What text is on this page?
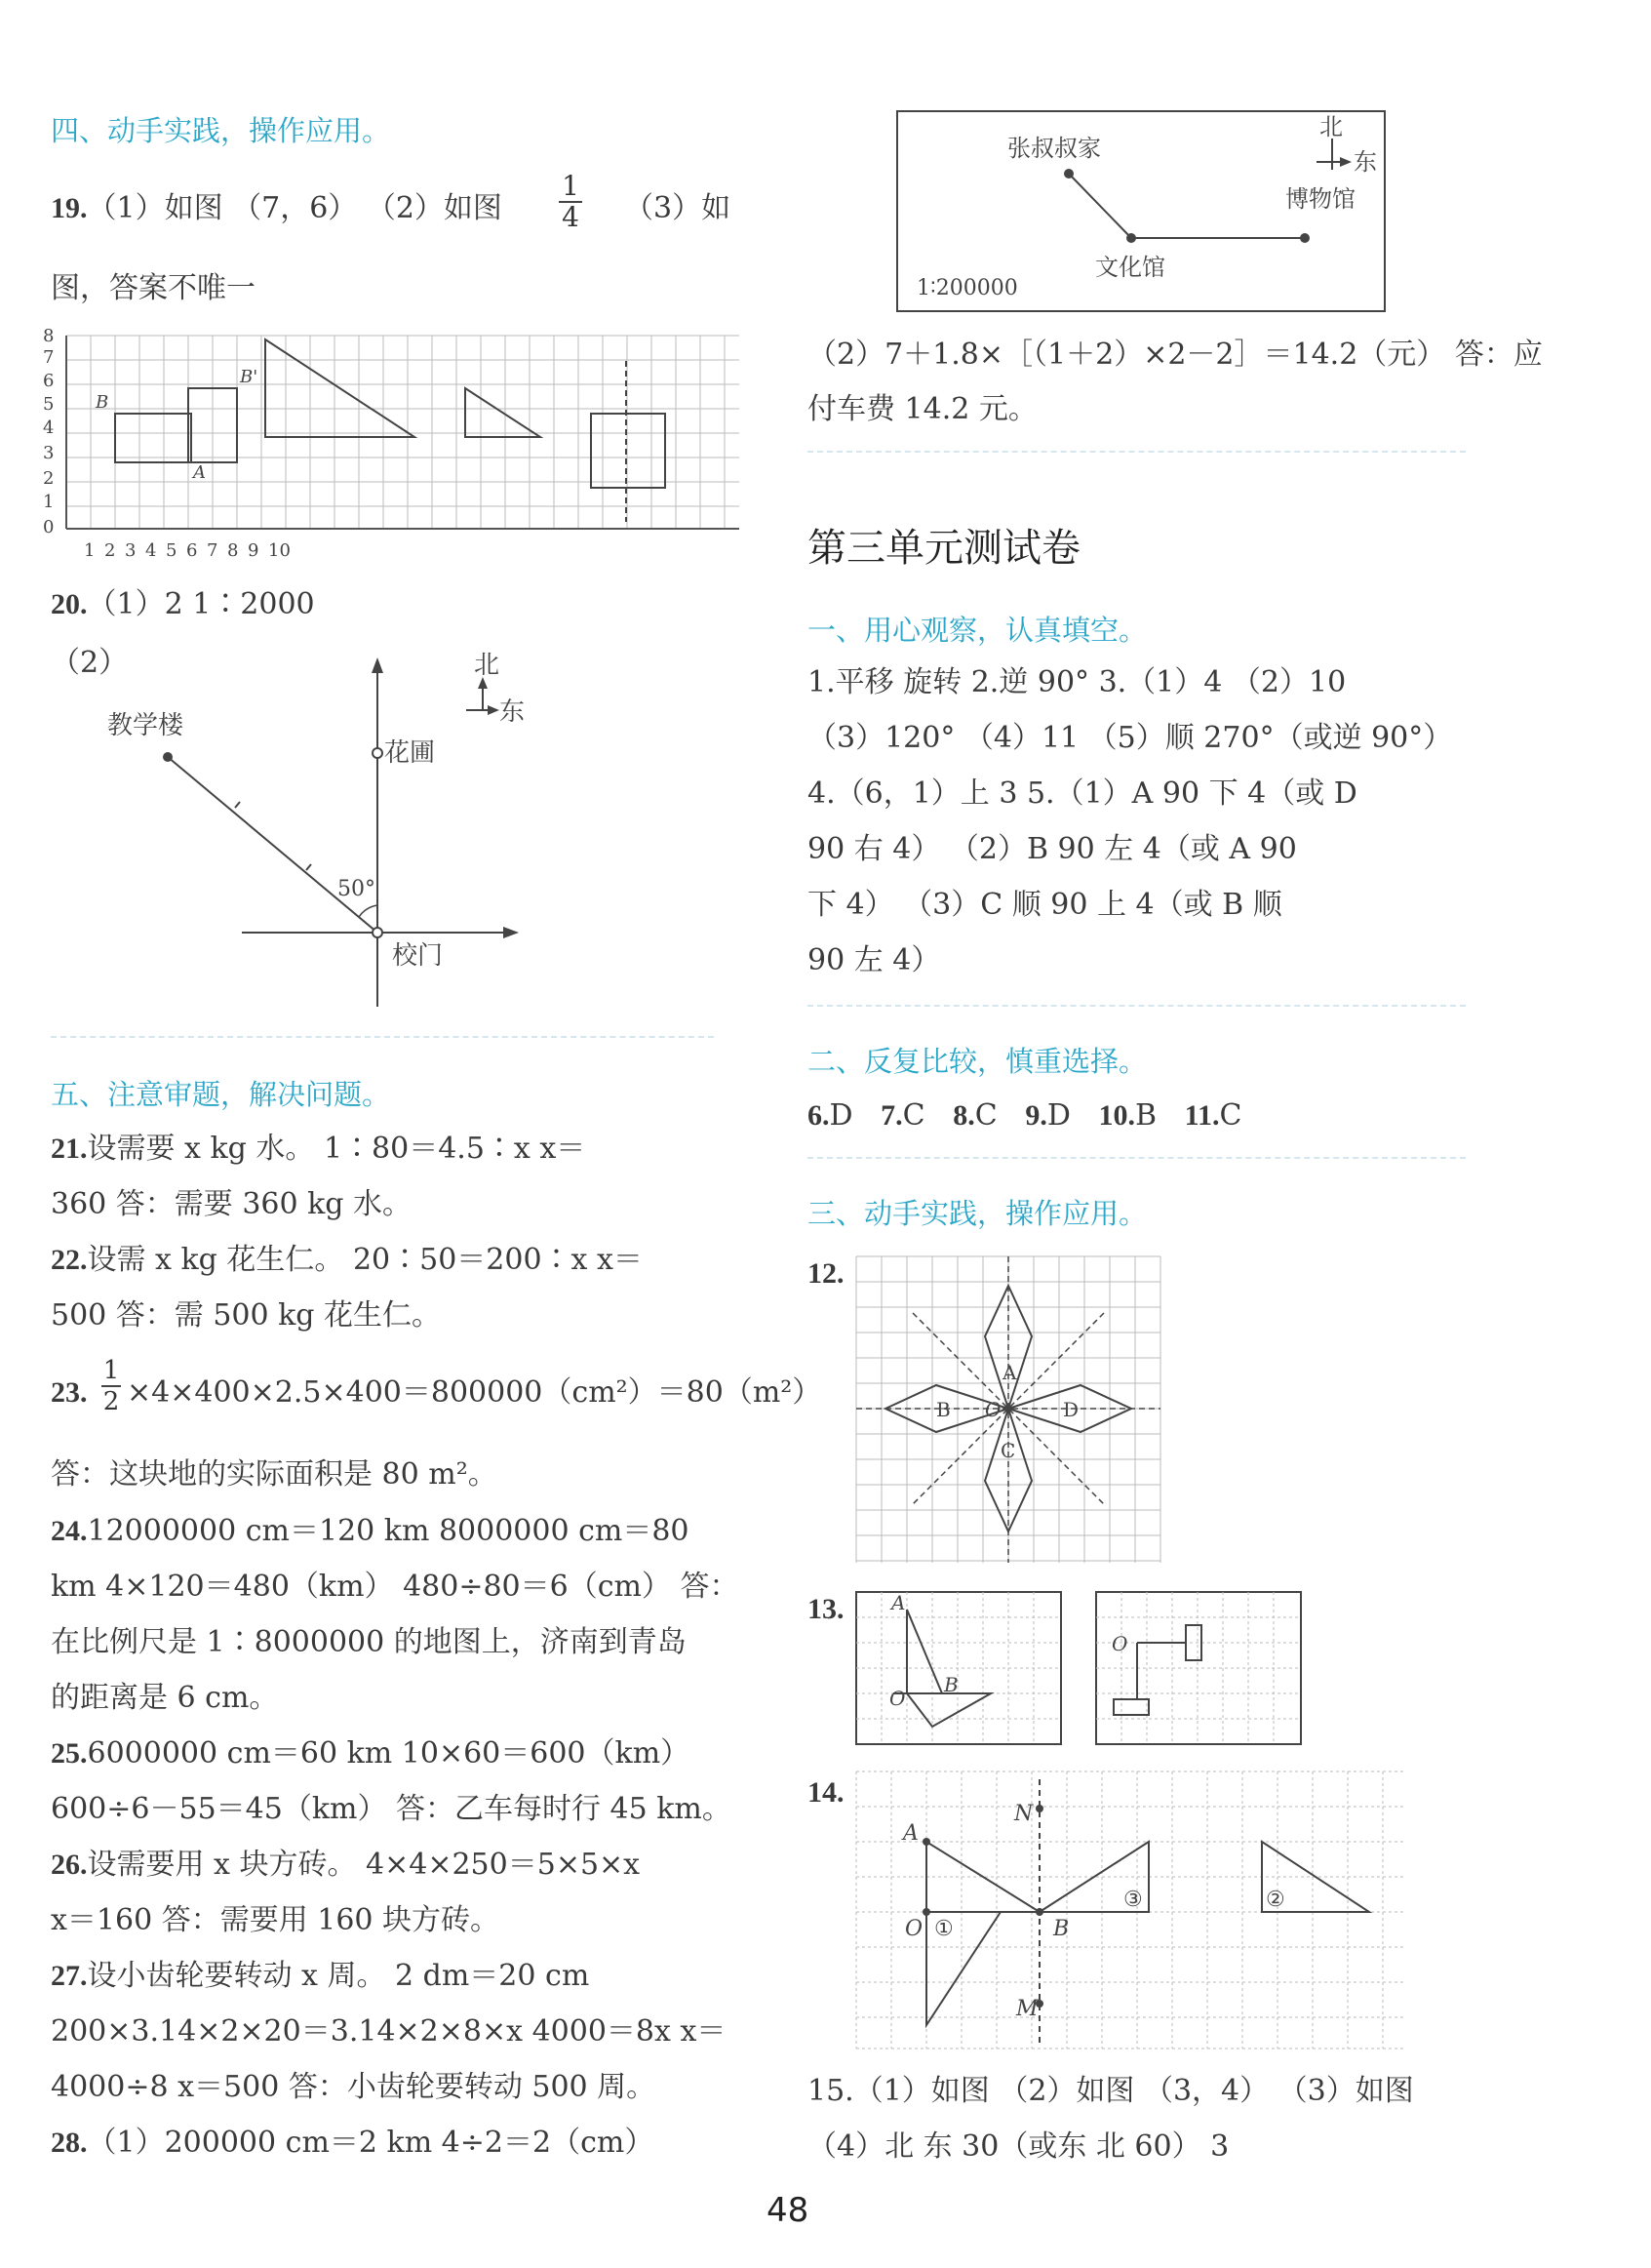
四、动手实践，操作应用。
19.（1）如图 （7，6） （2）如图 $\frac{1}{4} (3)$如
图，答案不唯一
8
7
6
5
4
3
2
1
0
1 2 3 4 5 6 7 8 9 10
B
A
B'
20.（1）2 1∶2000
（2）	北
东
教学楼
花圃
校门
50°
五、注意审题，解决问题。
21.设需要 x kg 水。 1∶80＝4.5∶x x＝
360 答：需要 360 kg 水。
22.设需 x kg 花生仁。 20∶50＝200∶x x＝
500 答：需 500 kg 花生仁。
23. $\frac{1}{2} \times 4\times 400\times 2.5\times 400=800000(cm^2)=80(m^2)$
答：这块地的实际面积是 80 m²。
24.12000000 cm＝120 km 8000000 cm＝80
km 4×120＝480（km） 480÷80＝6（cm） 答：
在比例尺是 1∶8000000 的地图上，济南到青岛
的距离是 6 cm。
25.6000000 cm＝60 km 10×60＝600（km）
600÷6－55＝45（km） 答：乙车每时行 45 km。
26.设需要用 x 块方砖。 4×4×250＝5×5×x
x＝160 答：需要用 160 块方砖。
27.设小齿轮要转动 x 周。 2 dm＝20 cm
200×3.14×2×20＝3.14×2×8×x 4000＝8x x＝
4000÷8 x＝500 答：小齿轮要转动 500 周。
28.（1）200000 cm＝2 km 4÷2＝2（cm）
张叔叔家
博物馆
文化馆
北
东
1∶200000
（2）7＋1.8×［（1＋2）×2－2］＝14.2（元） 答：应
付车费 14.2 元。
第三单元测试卷
一、用心观察，认真填空。
1.平移 旋转 2.逆 90° 3.（1）4 （2）10
（3）120° （4）11 （5）顺 270°（或逆 90°）
4.（6，1）上 3 5.（1）A 90 下 4（或 D
90 右 4） （2）B 90 左 4（或 A 90
下 4） （3）C 顺 90 上 4（或 B 顺
90 左 4）
二、反复比较，慎重选择。
6.D 7.C 8.C 9.D 10.B 11.C
三、动手实践，操作应用。
12.
A
B O	D
C
13. A
B
O
O
14.
A
N
O ①	B
③	②
M
15.（1）如图 （2）如图 （3，4） （3）如图
（4）北 东 30（或东 北 60） 3
48
